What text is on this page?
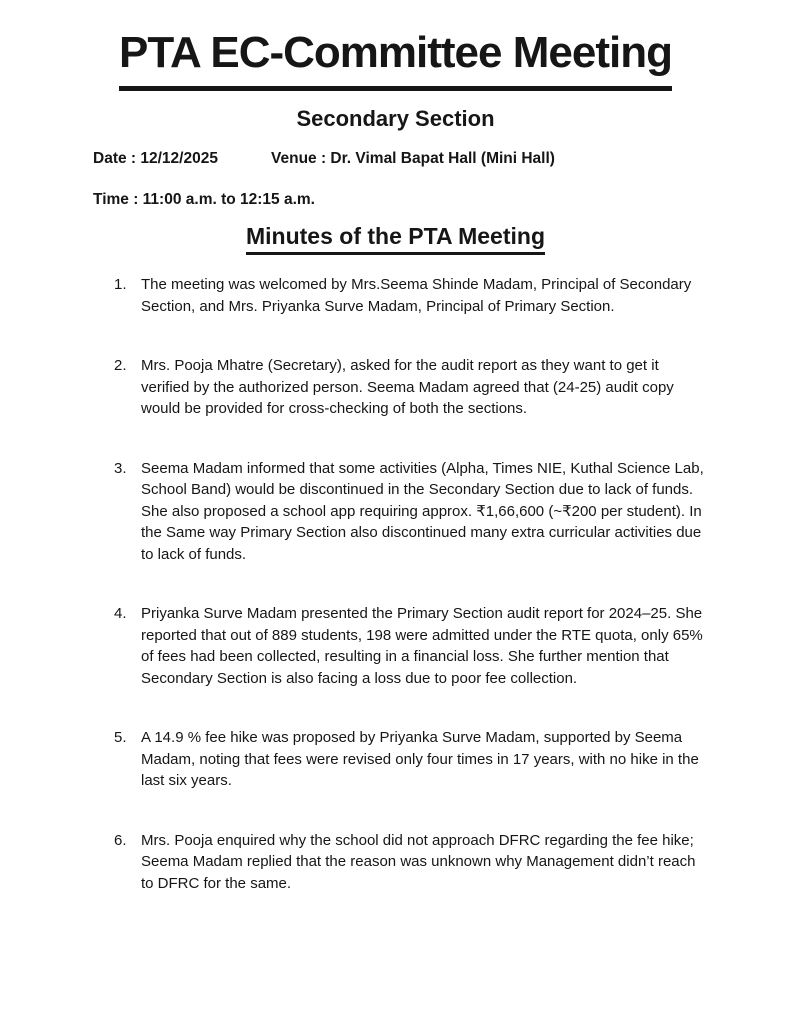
PTA EC-Committee Meeting
Secondary Section
Date : 12/12/2025	Venue : Dr. Vimal Bapat Hall (Mini Hall)
Time : 11:00 a.m. to 12:15 a.m.
Minutes of the PTA Meeting
1. The meeting was welcomed by Mrs.Seema Shinde Madam, Principal of Secondary Section, and Mrs. Priyanka Surve Madam, Principal of Primary Section.
2. Mrs. Pooja Mhatre (Secretary), asked for the audit report as they want to get it verified by the authorized person. Seema Madam agreed that (24-25) audit copy would be provided for cross-checking of both the sections.
3. Seema Madam informed that some activities (Alpha, Times NIE, Kuthal Science Lab, School Band) would be discontinued in the Secondary Section due to lack of funds. She also proposed a school app requiring approx. ₹1,66,600 (~₹200 per student). In the Same way Primary Section also discontinued many extra curricular activities due to lack of funds.
4. Priyanka Surve Madam presented the Primary Section audit report for 2024–25. She reported that out of 889 students, 198 were admitted under the RTE quota, only 65% of fees had been collected, resulting in a financial loss. She further mention that Secondary Section is also facing a loss due to poor fee collection.
5. A 14.9 % fee hike was proposed by Priyanka Surve Madam, supported by Seema Madam, noting that fees were revised only four times in 17 years, with no hike in the last six years.
6. Mrs. Pooja enquired why the school did not approach DFRC regarding the fee hike; Seema Madam replied that the reason was unknown why Management didn’t reach to DFRC for the same.
